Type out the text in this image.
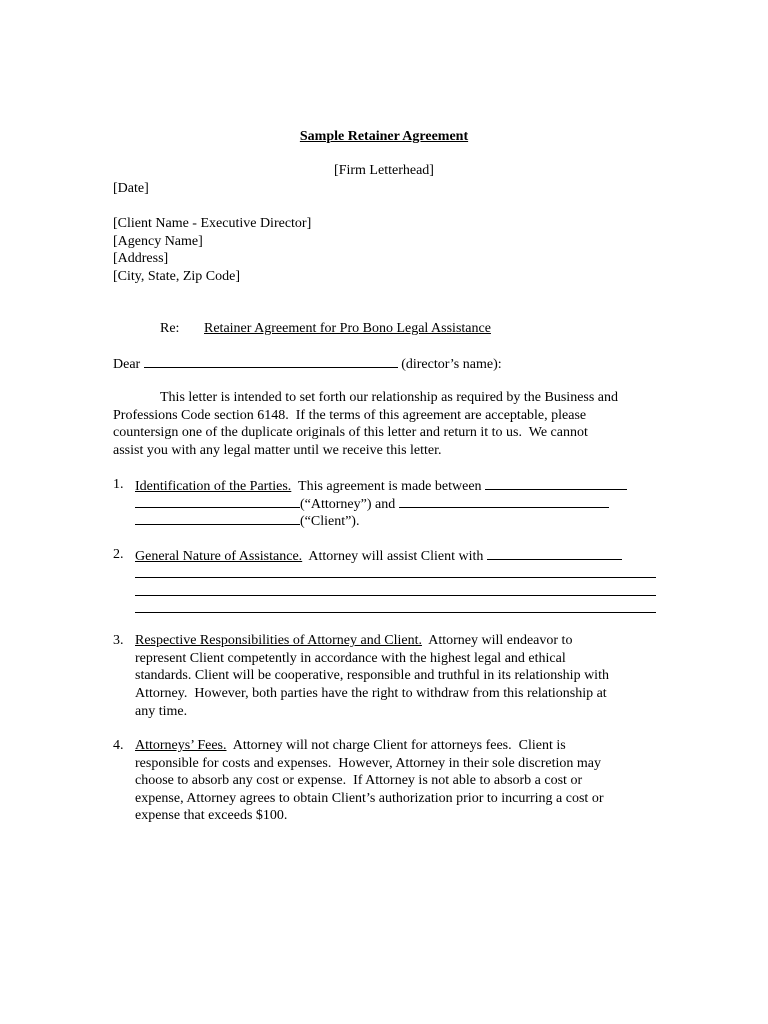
Sample Retainer Agreement
[Firm Letterhead]
[Date]
[Client Name - Executive Director]
[Agency Name]
[Address]
[City, State, Zip Code]
Re: Retainer Agreement for Pro Bono Legal Assistance
Dear	(director’s name):
This letter is intended to set forth our relationship as required by the Business and
Professions Code section 6148.  If the terms of this agreement are acceptable, please
countersign one of the duplicate originals of this letter and return it to us.  We cannot
assist you with any legal matter until we receive this letter.
1. Identification of the Parties. This agreement is made between
(“Attorney”) and
(“Client”).
2. General Nature of Assistance. Attorney will assist Client with
3. Respective Responsibilities of Attorney and Client. Attorney will endeavor to
represent Client competently in accordance with the highest legal and ethical
standards. Client will be cooperative, responsible and truthful in its relationship with
Attorney.  However, both parties have the right to withdraw from this relationship at
any time.
4. Attorneys’ Fees. Attorney will not charge Client for attorneys fees.  Client is
responsible for costs and expenses.  However, Attorney in their sole discretion may
choose to absorb any cost or expense.  If Attorney is not able to absorb a cost or
expense, Attorney agrees to obtain Client’s authorization prior to incurring a cost or
expense that exceeds $100.
